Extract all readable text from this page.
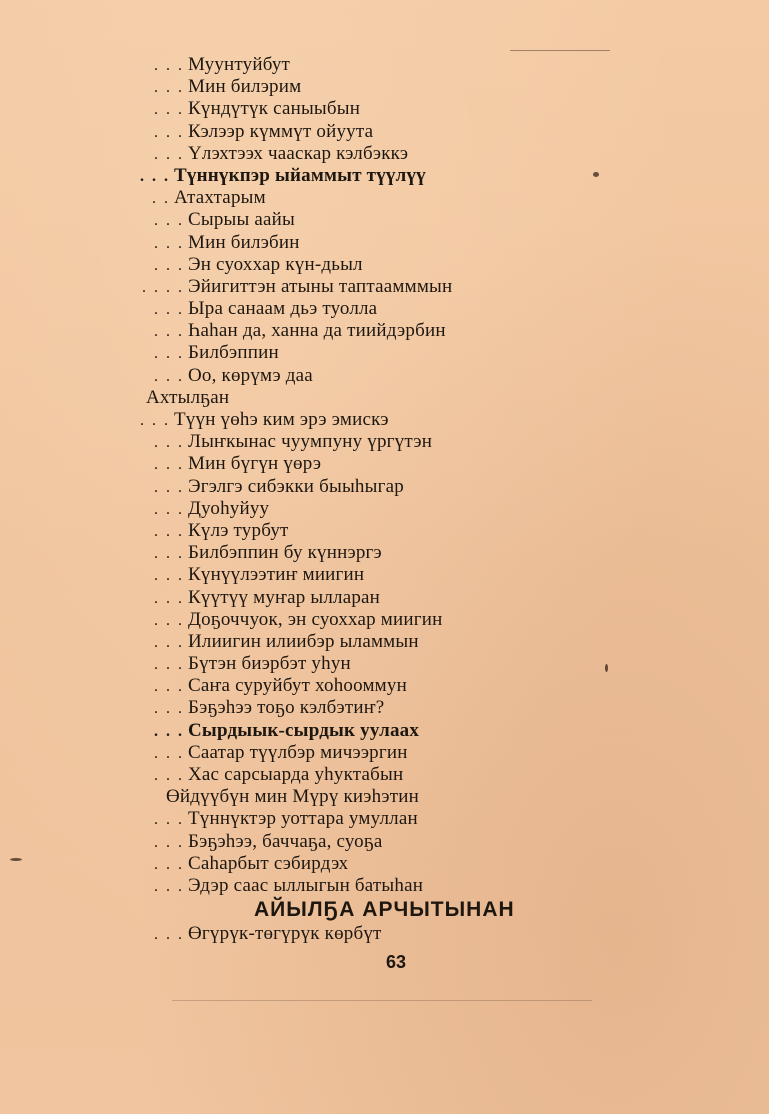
. . . Муунтуйбут
. . . Мин билэрим
. . . Күндүтүк саныыбын
. . . Кэлээр күммүт ойуута
. . . Үлэхтээх чааскар кэлбэккэ
. . . Түннүкпэр ыйаммыт түүлүү
. . Атахтарым
. . . Сырыы аайы
. . . Мин билэбин
. . . Эн суоххар күн-дьыл
. . . . Эйигиттэн атыны таптаамммын
. . . Ыра санаам дьэ туолла
. . . Һаһан да, ханна да тиийдэрбин
. . . Билбэппин
. . . Оо, көрүмэ даа
Ахтылҕан
. . . Түүн үөһэ ким эрэ эмискэ
. . . Лыҥкынас чуумпуну үргүтэн
. . . Мин бүгүн үөрэ
. . . Эгэлгэ сибэкки быыһыгар
. . . Дуоһуйуу
. . . Күлэ турбут
. . . Билбэппин бу күннэргэ
. . . Күнүүлээтиҥ миигин
. . . Күүтүү муҥар ылларан
. . . Доҕоччуок, эн суоххар миигин
. . . Илиигин илиибэр ыламмын
. . . Бүтэн биэрбэт уһун
. . . Саҥа суруйбут хоһооммун
. . . Бэҕэһээ тоҕо кэлбэтиҥ?
. . . Сырдыык-сырдык уулаах
. . . Саатар түүлбэр мичээргин
. . . Хас сарсыарда уһуктабын
Өйдүүбүн мин Мүрү киэһэтин
. . . Түннүктэр уоттара умуллан
. . . Бэҕэһээ, баччаҕа, суоҕа
. . . Саһарбыт сэбирдэх
. . . Эдэр саас ыллыгын батыһан
АЙЫЛҔА АРЧЫТЫНАН
. . . Өгүрүк-төгүрүк көрбүт
63
